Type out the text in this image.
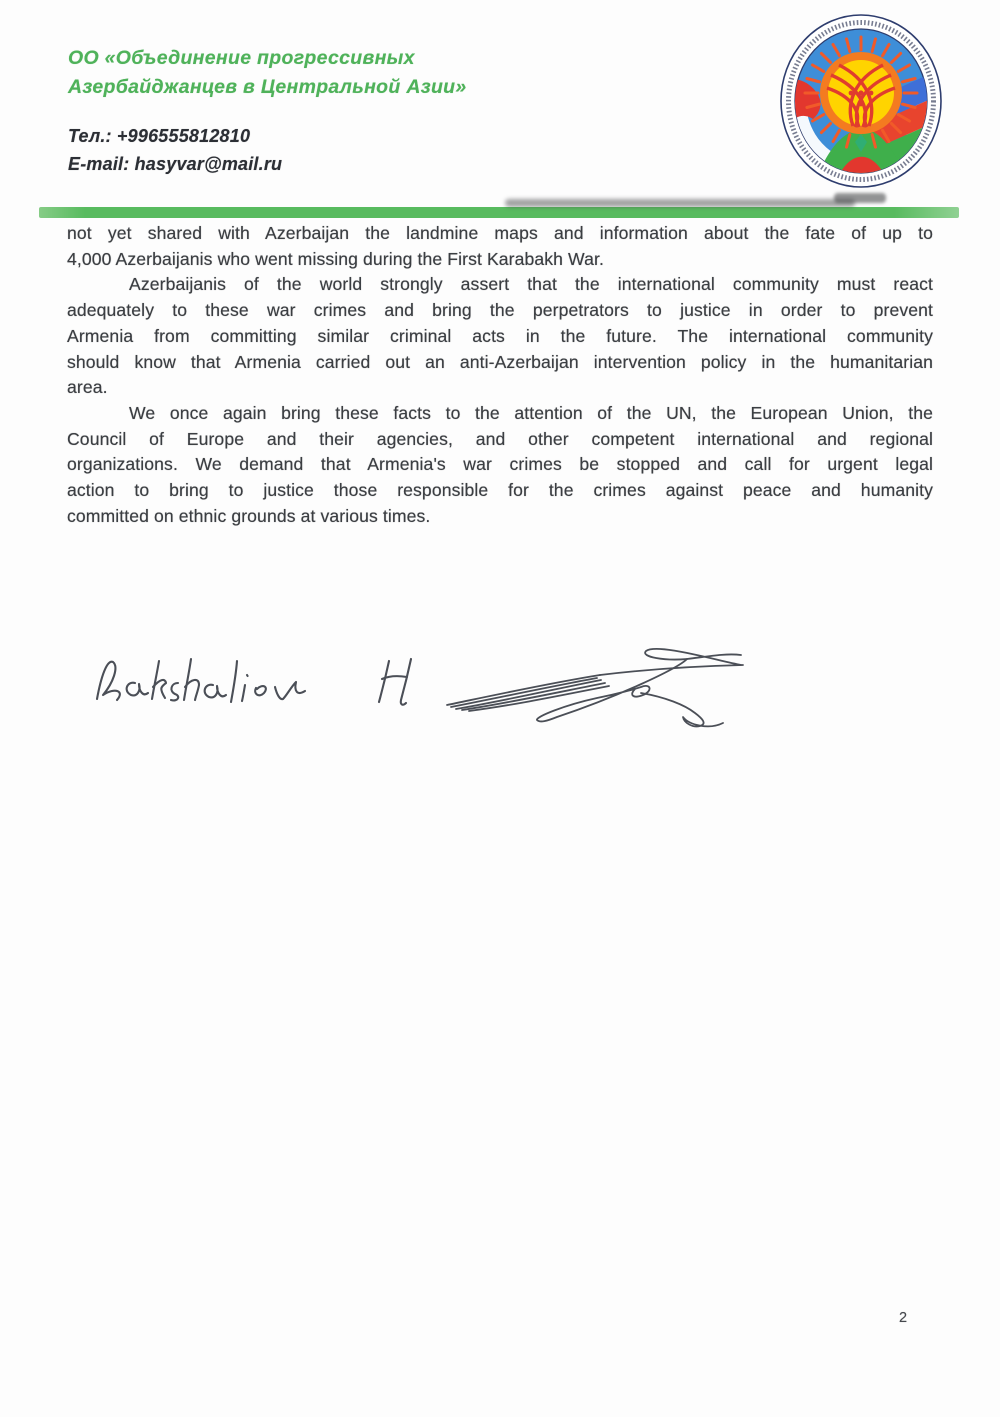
ОО «Объединение прогрессивных
Азербайджанцев в Центральной Азии»
Тел.: +996555812810
E-mail: hasyvar@mail.ru
not yet shared with Azerbaijan the landmine maps and information about the fate of up to
4,000 Azerbaijanis who went missing during the First Karabakh War.
Azerbaijanis of the world strongly assert that the international community must react
adequately to these war crimes and bring the perpetrators to justice in order to prevent
Armenia from committing similar criminal acts in the future. The international community
should know that Armenia carried out an anti-Azerbaijan intervention policy in the humanitarian
area.
We once again bring these facts to the attention of the UN, the European Union, the
Council of Europe and their agencies, and other competent international and regional
organizations. We demand that Armenia's war crimes be stopped and call for urgent legal
action to bring to justice those responsible for the crimes against peace and humanity
committed on ethnic grounds at various times.
2
